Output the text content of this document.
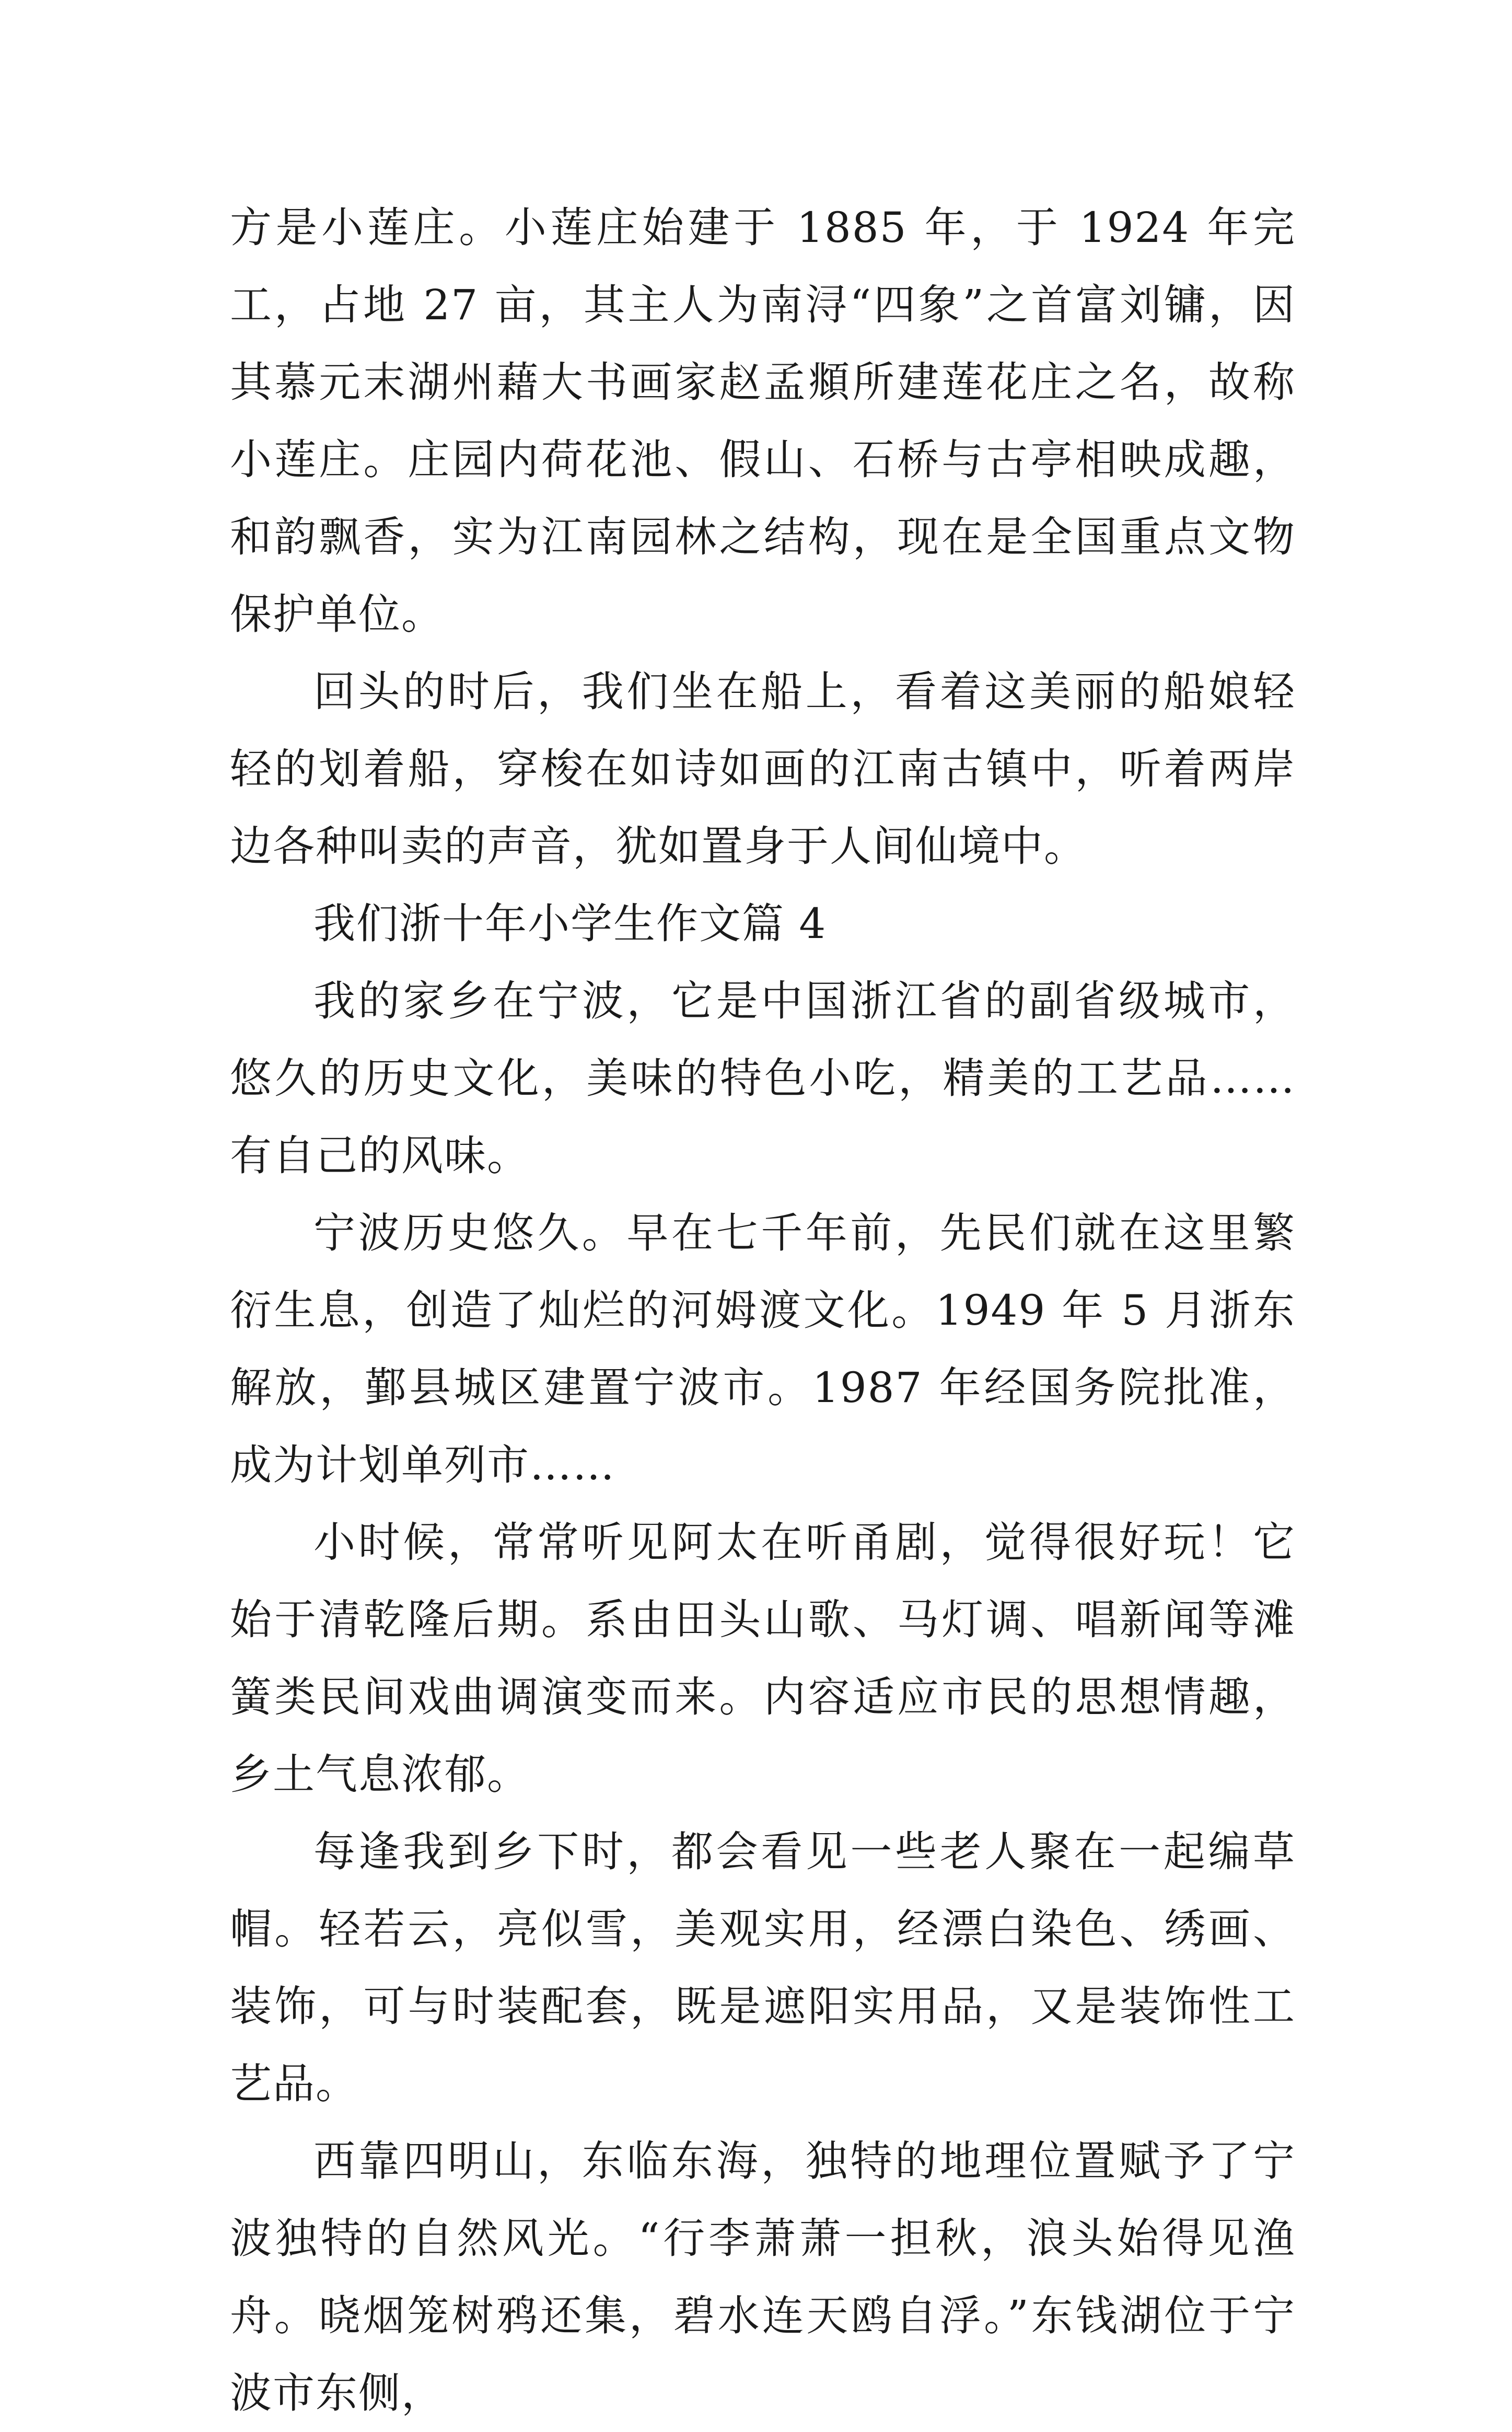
方是小莲庄。小莲庄始建于 1885 年，于 1924 年完工，占地 27 亩，其主人为南浔“四象”之首富刘镛，因其慕元末湖州藉大书画家赵孟頫所建莲花庄之名，故称小莲庄。庄园内荷花池、假山、石桥与古亭相映成趣，和韵飘香，实为江南园林之结构，现在是全国重点文物保护单位。

回头的时后，我们坐在船上，看着这美丽的船娘轻轻的划着船，穿梭在如诗如画的江南古镇中，听着两岸边各种叫卖的声音，犹如置身于人间仙境中。

我们浙十年小学生作文篇 4

我的家乡在宁波，它是中国浙江省的副省级城市，悠久的历史文化，美味的特色小吃，精美的工艺品……有自己的风味。

宁波历史悠久。早在七千年前，先民们就在这里繁衍生息，创造了灿烂的河姆渡文化。1949 年 5 月浙东解放，鄞县城区建置宁波市。1987 年经国务院批准，成为计划单列市……

小时候，常常听见阿太在听甬剧，觉得很好玩！它始于清乾隆后期。系由田头山歌、马灯调、唱新闻等滩簧类民间戏曲调演变而来。内容适应市民的思想情趣，乡土气息浓郁。

每逢我到乡下时，都会看见一些老人聚在一起编草帽。轻若云，亮似雪，美观实用，经漂白染色、绣画、装饰，可与时装配套，既是遮阳实用品，又是装饰性工艺品。

西靠四明山，东临东海，独特的地理位置赋予了宁波独特的自然风光。“行李萧萧一担秋，浪头始得见渔舟。晓烟笼树鸦还集，碧水连天鸥自浮。”东钱湖位于宁波市东侧，
